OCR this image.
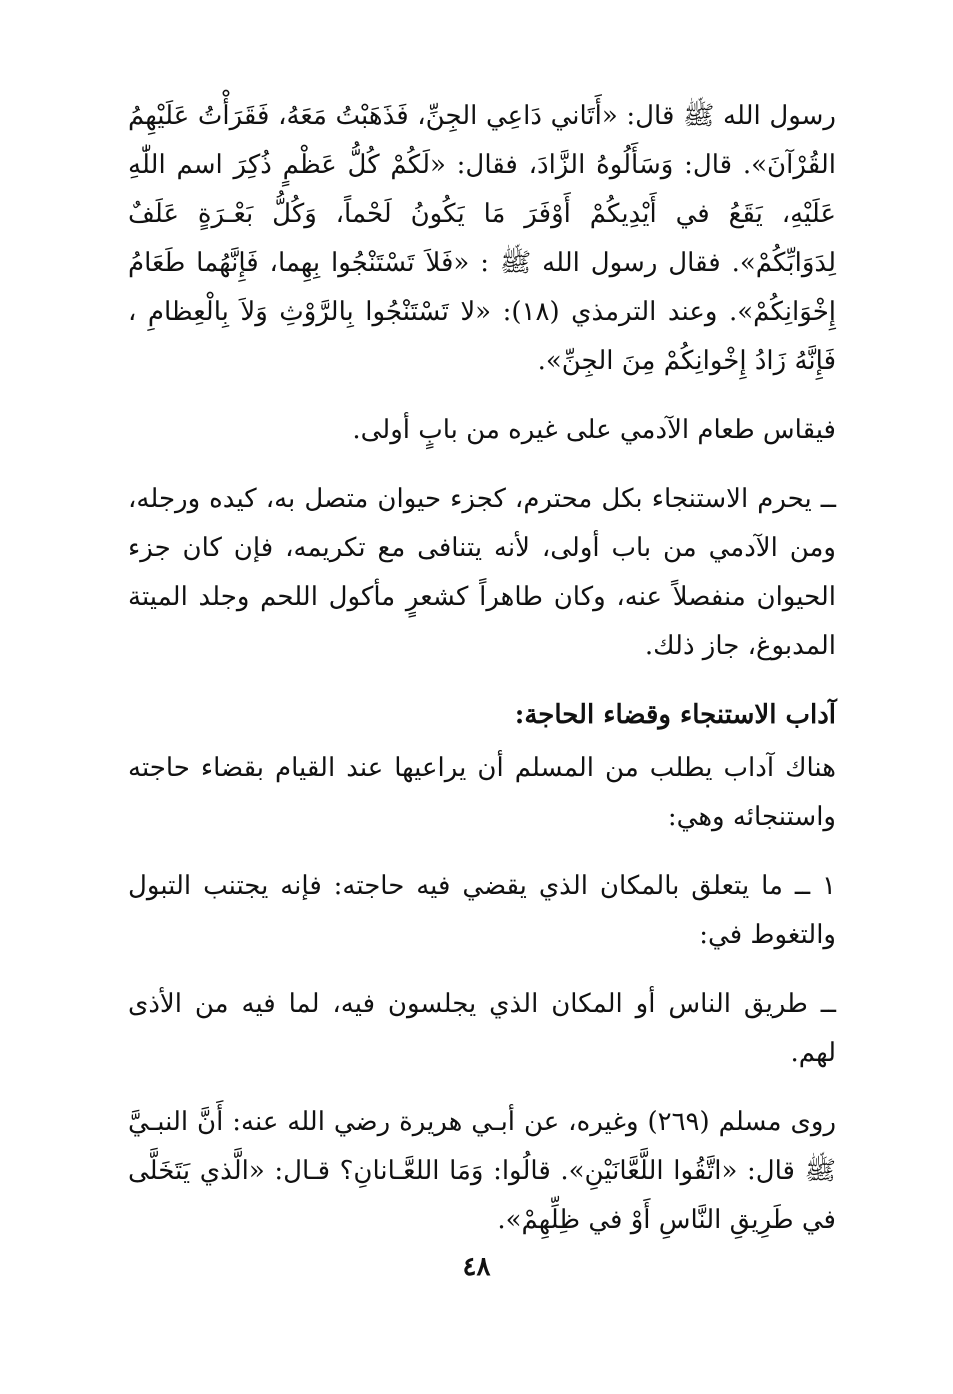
رسول الله ﷺ قال: «أَتَاني دَاعِي الجِنِّ، فَذَهَبْتُ مَعَهُ، فَقَرَأْتُ عَلَيْهِمُ القُرْآنَ». قال: وَسَأَلُوهُ الزَّادَ، فقال: «لَكُمْ كُلُّ عَظْمٍ ذُكِرَ اسم اللّٰهِ عَلَيْهِ، يَقَعُ في أَيْدِيكُمْ أَوْفَرَ مَا يَكُونُ لَحْماً، وَكُلُّ بَعْـرَةٍ عَلَفٌ لِدَوَابِّكُمْ». فقال رسول الله ﷺ : «فَلاَ تَسْتَنْجُوا بِهِما، فَإِنَّهُما طَعَامُ إِخْوَانِكُمْ». وعند الترمذي (١٨): «لا تَسْتَنْجُوا بِالرَّوْثِ وَلاَ بِالْعِظامِ ، فَإِنَّهُ زَادُ إِخْوانِكُمْ مِنَ الجِنِّ».

فيقاس طعام الآدمي على غيره من بابٍ أولى.

ــ يحرم الاستنجاء بكل محترم، كجزء حيوان متصل به، كيده ورجله، ومن الآدمي من باب أولى، لأنه يتنافى مع تكريمه، فإن كان جزء الحيوان منفصلاً عنه، وكان طاهراً كشعرٍ مأكول اللحم وجلد الميتة المدبوغ، جاز ذلك.

آداب الاستنجاء وقضاء الحاجة:

هناك آداب يطلب من المسلم أن يراعيها عند القيام بقضاء حاجته واستنجائه وهي:

١ ــ ما يتعلق بالمكان الذي يقضي فيه حاجته: فإنه يجتنب التبول والتغوط في:

ــ طريق الناس أو المكان الذي يجلسون فيه، لما فيه من الأذى لهم.

روى مسلم (٢٦٩) وغيره، عن أبـي هريرة رضي الله عنه: أَنَّ النبـيَّ ﷺ قال: «اتَّقُوا اللَّعَّانَيْنِ». قالُوا: وَمَا اللعَّـانانِ؟ قـال: «الَّذي يَتَخَلَّى في طَرِيقِ النَّاسِ أَوْ في ظِلِّهِمْ».

٤٨
